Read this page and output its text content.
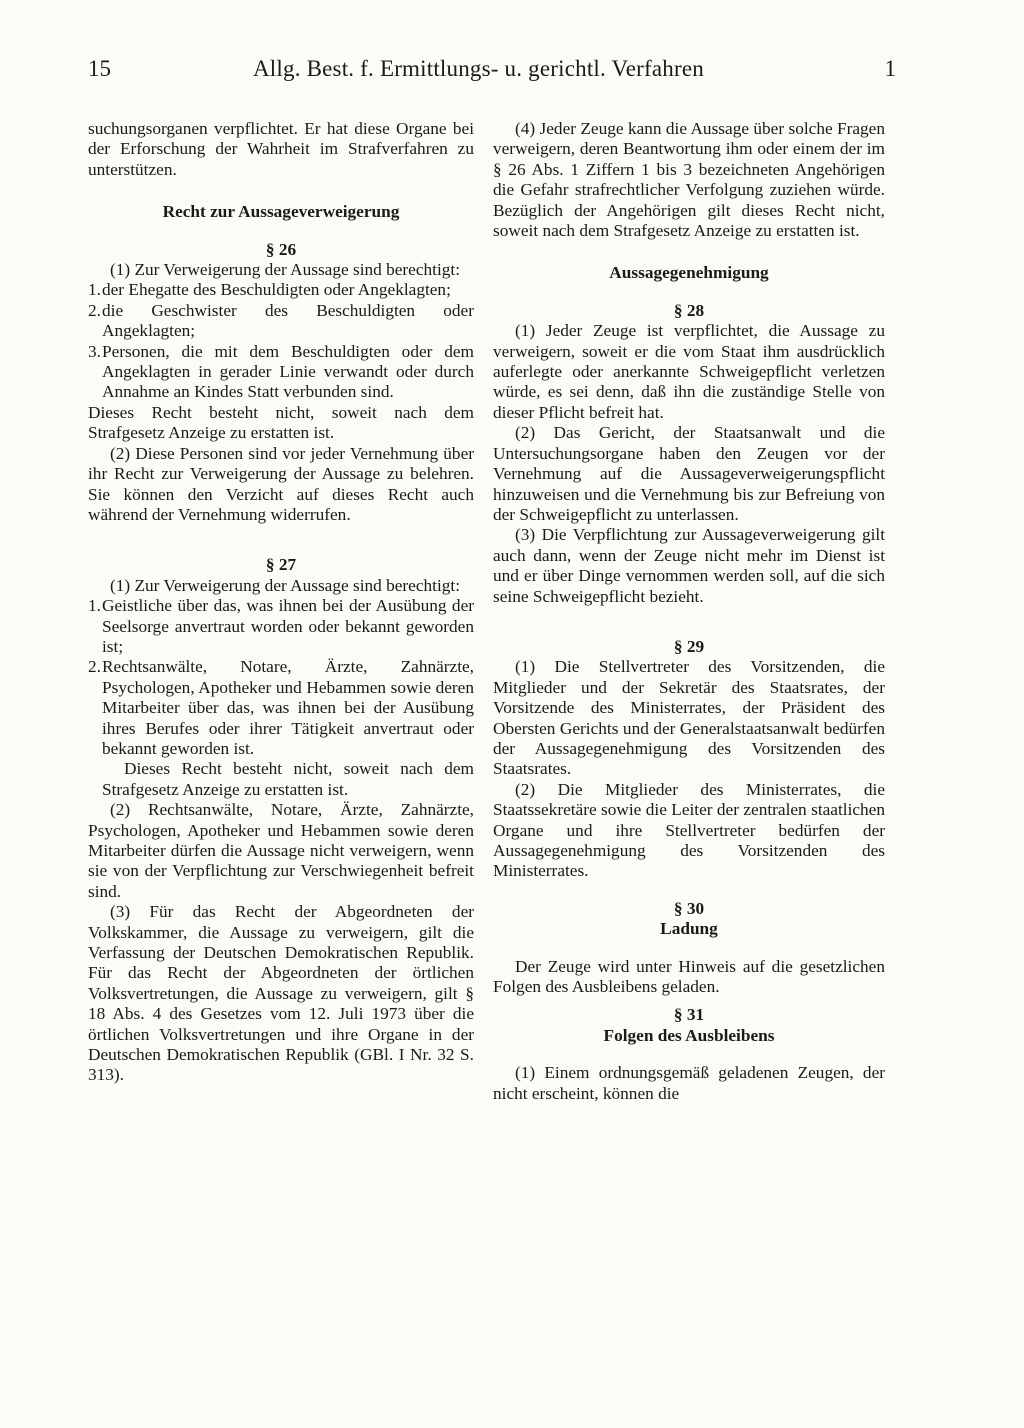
15	Allg. Best. f. Ermittlungs- u. gerichtl. Verfahren	1

suchungsorganen verpflichtet. Er hat diese Organe bei der Erforschung der Wahrheit im Strafverfahren zu unterstützen.

Recht zur Aussageverweigerung

§ 26

(1) Zur Verweigerung der Aussage sind berechtigt:

1. der Ehegatte des Beschuldigten oder Angeklagten;

2. die Geschwister des Beschuldigten oder Angeklagten;

3. Personen, die mit dem Beschuldigten oder dem Angeklagten in gerader Linie verwandt oder durch Annahme an Kindes Statt verbunden sind.

Dieses Recht besteht nicht, soweit nach dem Strafgesetz Anzeige zu erstatten ist.

(2) Diese Personen sind vor jeder Vernehmung über ihr Recht zur Verweigerung der Aussage zu belehren. Sie können den Verzicht auf dieses Recht auch während der Vernehmung widerrufen.

§ 27

(1) Zur Verweigerung der Aussage sind berechtigt:

1. Geistliche über das, was ihnen bei der Ausübung der Seelsorge anvertraut worden oder bekannt geworden ist;

2. Rechtsanwälte, Notare, Ärzte, Zahnärzte, Psychologen, Apotheker und Hebammen sowie deren Mitarbeiter über das, was ihnen bei der Ausübung ihres Berufes oder ihrer Tätigkeit anvertraut oder bekannt geworden ist.

Dieses Recht besteht nicht, soweit nach dem Strafgesetz Anzeige zu erstatten ist.

(2) Rechtsanwälte, Notare, Ärzte, Zahnärzte, Psychologen, Apotheker und Hebammen sowie deren Mitarbeiter dürfen die Aussage nicht verweigern, wenn sie von der Verpflichtung zur Verschwiegenheit befreit sind.

(3) Für das Recht der Abgeordneten der Volkskammer, die Aussage zu verweigern, gilt die Verfassung der Deutschen Demokratischen Republik. Für das Recht der Abgeordneten der örtlichen Volksvertretungen, die Aussage zu verweigern, gilt § 18 Abs. 4 des Gesetzes vom 12. Juli 1973 über die örtlichen Volksvertretungen und ihre Organe in der Deutschen Demokratischen Republik (GBl. I Nr. 32 S. 313).

(4) Jeder Zeuge kann die Aussage über solche Fragen verweigern, deren Beantwortung ihm oder einem der im § 26 Abs. 1 Ziffern 1 bis 3 bezeichneten Angehörigen die Gefahr strafrechtlicher Verfolgung zuziehen würde. Bezüglich der Angehörigen gilt dieses Recht nicht, soweit nach dem Strafgesetz Anzeige zu erstatten ist.

Aussagegenehmigung

§ 28

(1) Jeder Zeuge ist verpflichtet, die Aussage zu verweigern, soweit er die vom Staat ihm ausdrücklich auferlegte oder anerkannte Schweigepflicht verletzen würde, es sei denn, daß ihn die zuständige Stelle von dieser Pflicht befreit hat.

(2) Das Gericht, der Staatsanwalt und die Untersuchungsorgane haben den Zeugen vor der Vernehmung auf die Aussageverweigerungspflicht hinzuweisen und die Vernehmung bis zur Befreiung von der Schweigepflicht zu unterlassen.

(3) Die Verpflichtung zur Aussageverweigerung gilt auch dann, wenn der Zeuge nicht mehr im Dienst ist und er über Dinge vernommen werden soll, auf die sich seine Schweigepflicht bezieht.

§ 29

(1) Die Stellvertreter des Vorsitzenden, die Mitglieder und der Sekretär des Staatsrates, der Vorsitzende des Ministerrates, der Präsident des Obersten Gerichts und der Generalstaatsanwalt bedürfen der Aussagegenehmigung des Vorsitzenden des Staatsrates.

(2) Die Mitglieder des Ministerrates, die Staatssekretäre sowie die Leiter der zentralen staatlichen Organe und ihre Stellvertreter bedürfen der Aussagegenehmigung des Vorsitzenden des Ministerrates.

§ 30

Ladung

Der Zeuge wird unter Hinweis auf die gesetzlichen Folgen des Ausbleibens geladen.

§ 31

Folgen des Ausbleibens

(1) Einem ordnungsgemäß geladenen Zeugen, der nicht erscheint, können die
